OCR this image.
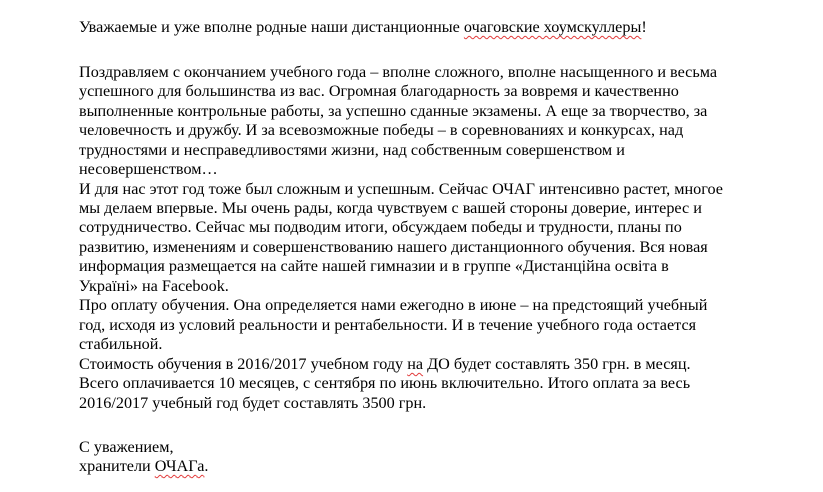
Уважаемые и уже вполне родные наши дистанционные очаговские хоумскуллеры!
Поздравляем с окончанием учебного года – вполне сложного, вполне насыщенного и весьма
успешного для большинства из вас. Огромная благодарность за вовремя и качественно
выполненные контрольные работы, за успешно сданные экзамены. А еще за творчество, за
человечность и дружбу. И за всевозможные победы – в соревнованиях и конкурсах, над
трудностями и несправедливостями жизни, над собственным совершенством и
несовершенством…
И для нас этот год тоже был сложным и успешным. Сейчас ОЧАГ интенсивно растет, многое
мы делаем впервые. Мы очень рады, когда чувствуем с вашей стороны доверие, интерес и
сотрудничество. Сейчас мы подводим итоги, обсуждаем победы и трудности, планы по
развитию, изменениям и совершенствованию нашего дистанционного обучения. Вся новая
информация размещается на сайте нашей гимназии и в группе «Дистанційна освіта в
Україні» на Facebook.
Про оплату обучения. Она определяется нами ежегодно в июне – на предстоящий учебный
год, исходя из условий реальности и рентабельности. И в течение учебного года остается
стабильной.
Стоимость обучения в 2016/2017 учебном году на ДО будет составлять 350 грн. в месяц.
Всего оплачивается 10 месяцев, с сентября по июнь включительно. Итого оплата за весь
2016/2017 учебный год будет составлять 3500 грн.
С уважением,
хранители ОЧАГа.
